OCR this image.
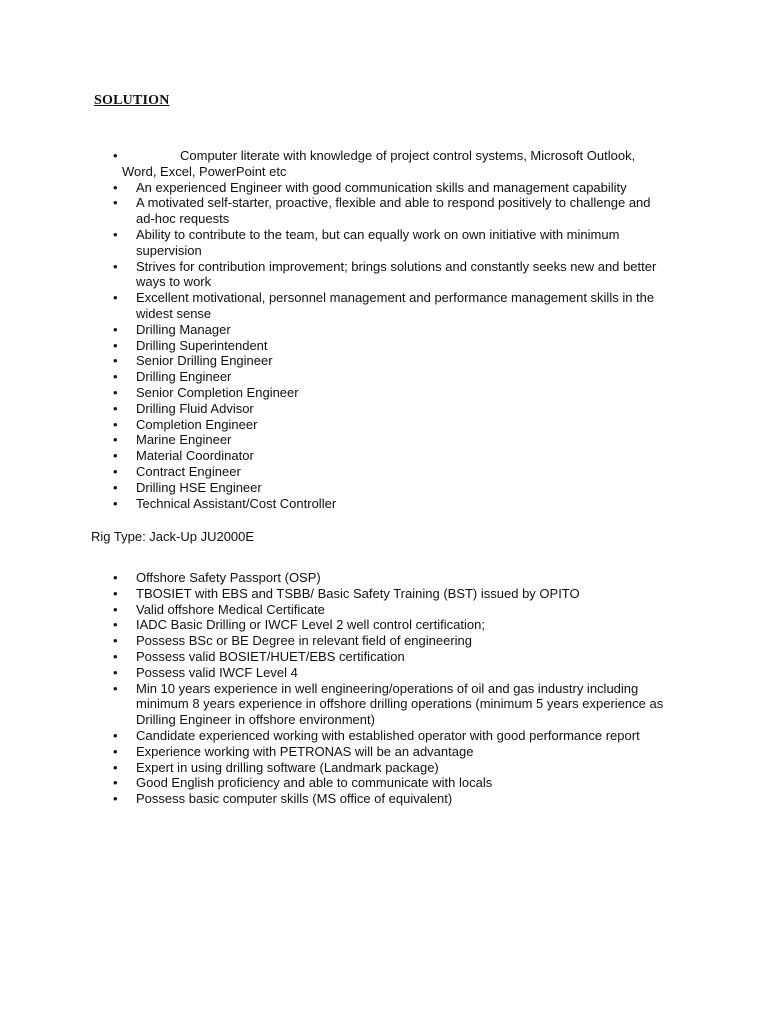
SOLUTION
• Computer literate with knowledge of project control systems, Microsoft Outlook, Word, Excel, PowerPoint etc
• An experienced Engineer with good communication skills and management capability
• A motivated self-starter, proactive, flexible and able to respond positively to challenge and ad-hoc requests
• Ability to contribute to the team, but can equally work on own initiative with minimum supervision
• Strives for contribution improvement; brings solutions and constantly seeks new and better ways to work
• Excellent motivational, personnel management and performance management skills in the widest sense
• Drilling Manager
• Drilling Superintendent
• Senior Drilling Engineer
• Drilling Engineer
• Senior Completion Engineer
• Drilling Fluid Advisor
• Completion Engineer
• Marine Engineer
• Material Coordinator
• Contract Engineer
• Drilling HSE Engineer
• Technical Assistant/Cost Controller
Rig Type: Jack-Up JU2000E
• Offshore Safety Passport (OSP)
• TBOSIET with EBS and TSBB/ Basic Safety Training (BST) issued by OPITO
• Valid offshore Medical Certificate
• IADC Basic Drilling or IWCF Level 2 well control certification;
• Possess BSc or BE Degree in relevant field of engineering
• Possess valid BOSIET/HUET/EBS certification
• Possess valid IWCF Level 4
• Min 10 years experience in well engineering/operations of oil and gas industry including minimum 8 years experience in offshore drilling operations (minimum 5 years experience as Drilling Engineer in offshore environment)
• Candidate experienced working with established operator with good performance report
• Experience working with PETRONAS will be an advantage
• Expert in using drilling software (Landmark package)
• Good English proficiency and able to communicate with locals
• Possess basic computer skills (MS office of equivalent)
